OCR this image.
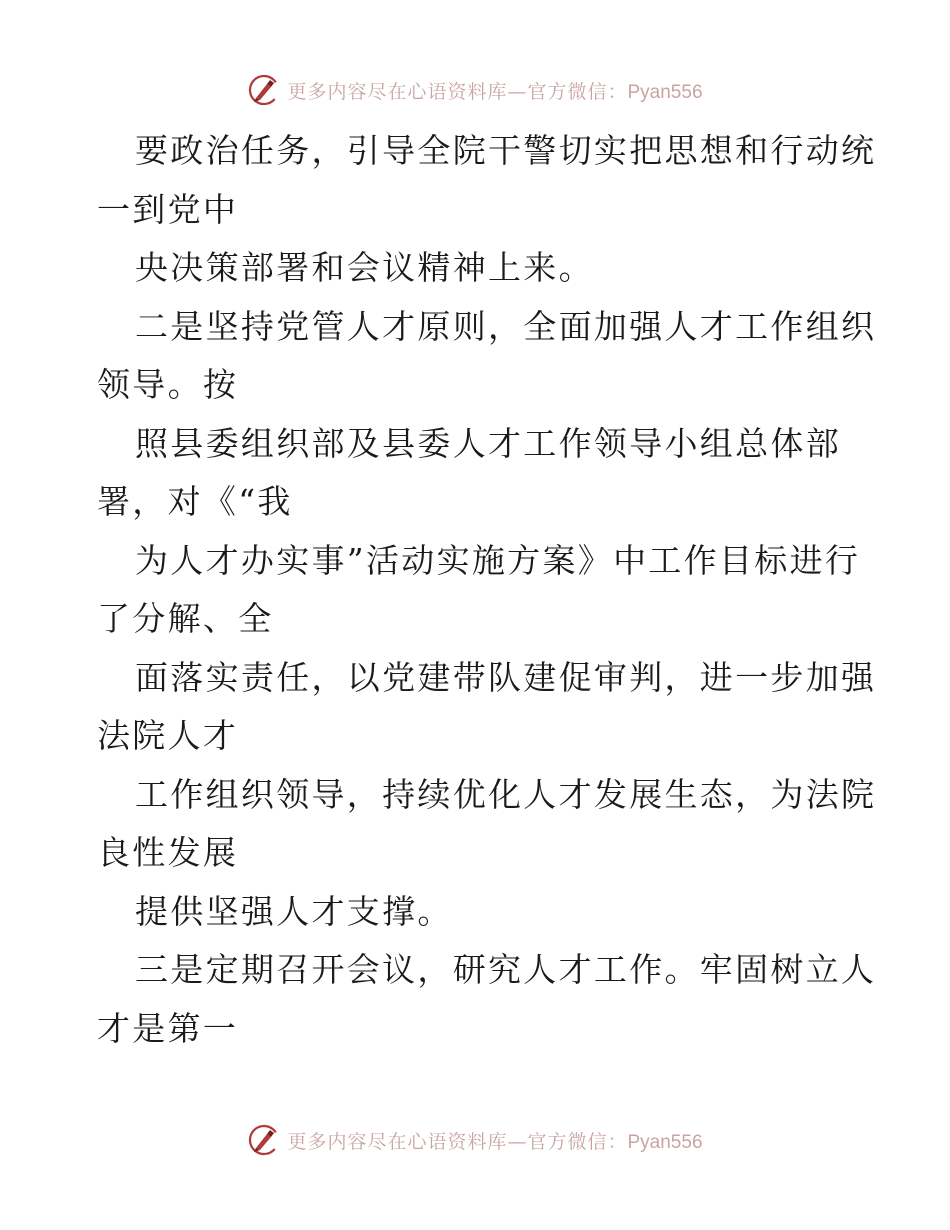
更多内容尽在心语资料库—官方微信：Pyan556
要政治任务，引导全院干警切实把思想和行动统
一到党中
央决策部署和会议精神上来。
二是坚持党管人才原则，全面加强人才工作组织
领导。按
照县委组织部及县委人才工作领导小组总体部
署，对《“我
为人才办实事”活动实施方案》中工作目标进行
了分解、全
面落实责任，以党建带队建促审判，进一步加强
法院人才
工作组织领导，持续优化人才发展生态，为法院
良性发展
提供坚强人才支撑。
三是定期召开会议，研究人才工作。牢固树立人
才是第一
更多内容尽在心语资料库—官方微信：Pyan556
